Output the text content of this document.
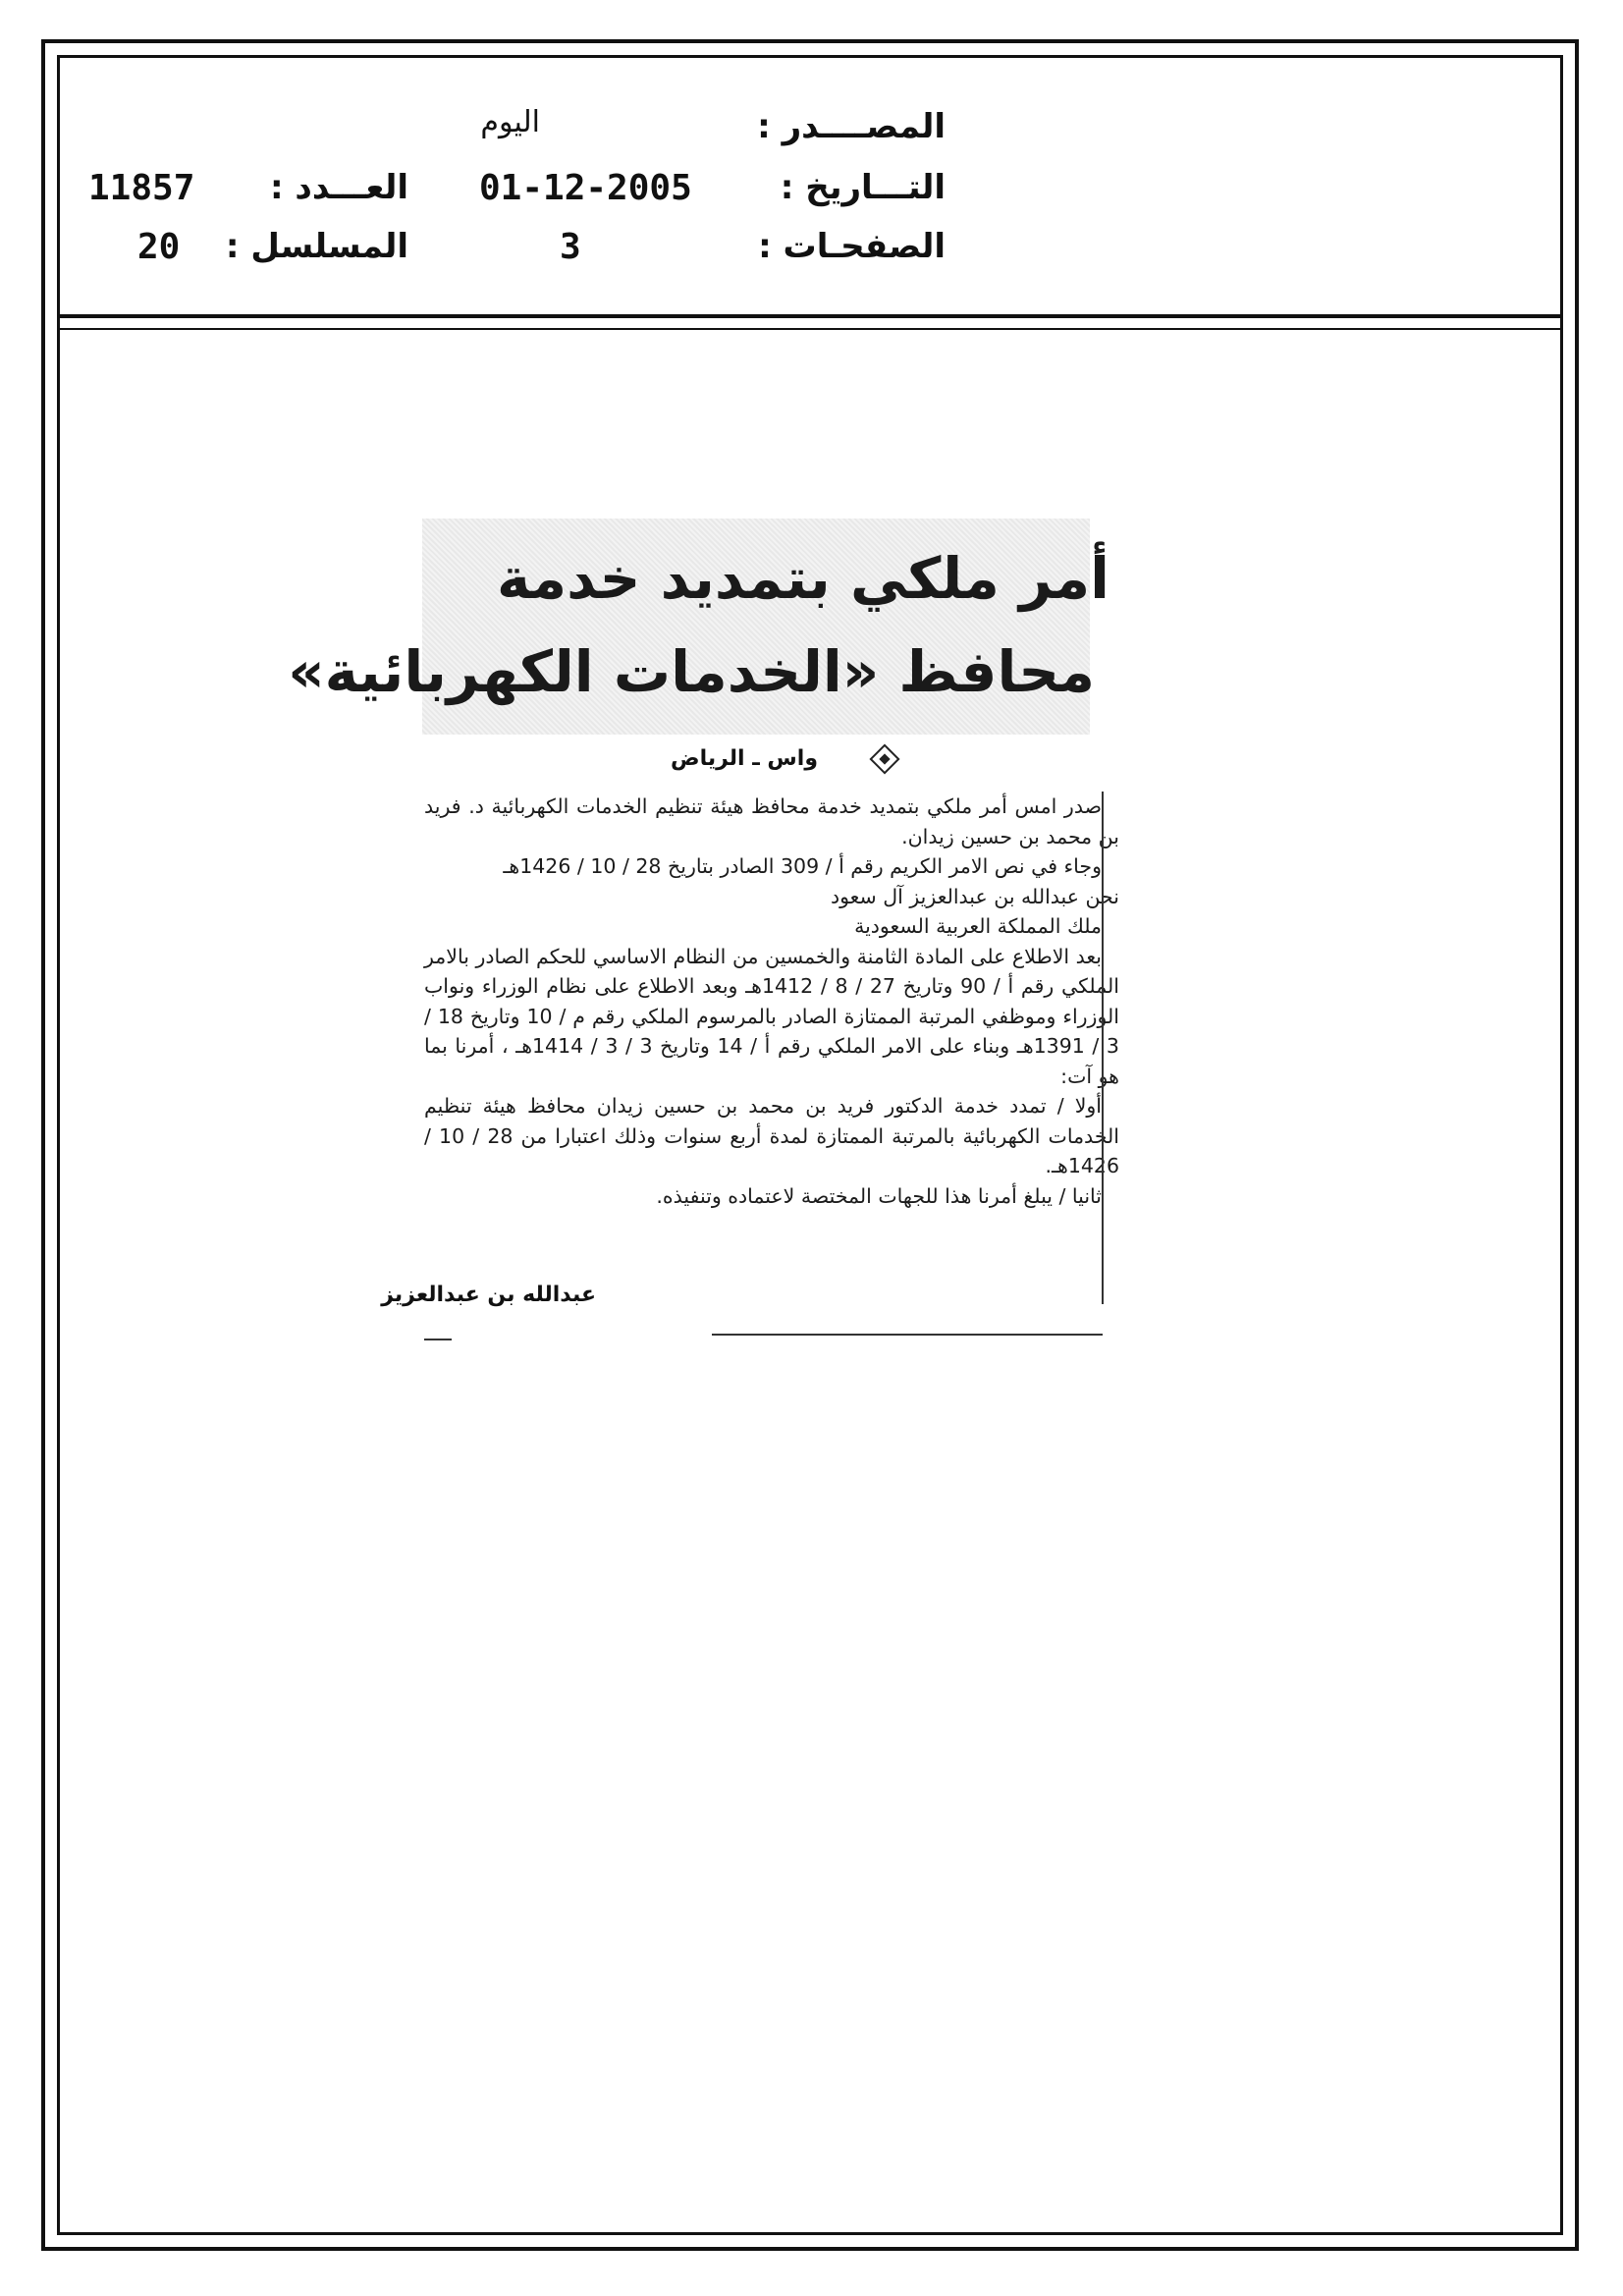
المصــــدر :
اليوم
التـــاريخ :
01-12-2005
العـــدد :
11857
الصفحـات :
3
المسلسل :
20
أمر ملكي بتمديد خدمة
محافظ «الخدمات الكهربائية»
واس ـ الرياض

صدر امس أمر ملكي بتمديد خدمة محافظ هيئة تنظيم الخدمات الكهربائية د. فريد بن محمد بن حسين زيدان.

وجاء في نص الامر الكريم رقم أ / 309 الصادر بتاريخ 28 / 10 / 1426هـ

نحن عبدالله بن عبدالعزيز آل سعود

ملك المملكة العربية السعودية

بعد الاطلاع على المادة الثامنة والخمسين من النظام الاساسي للحكم الصادر بالامر الملكي رقم أ / 90 وتاريخ 27 / 8 / 1412هـ وبعد الاطلاع على نظام الوزراء ونواب الوزراء وموظفي المرتبة الممتازة الصادر بالمرسوم الملكي رقم م / 10 وتاريخ 18 / 3 / 1391هـ وبناء على الامر الملكي رقم أ / 14 وتاريخ 3 / 3 / 1414هـ ، أمرنا بما هو آت:

أولا / تمدد خدمة الدكتور فريد بن محمد بن حسين زيدان محافظ هيئة تنظيم الخدمات الكهربائية بالمرتبة الممتازة لمدة أربع سنوات وذلك اعتبارا من 28 / 10 / 1426هـ.

ثانيا / يبلغ أمرنا هذا للجهات المختصة لاعتماده وتنفيذه.

عبدالله بن عبدالعزيز
